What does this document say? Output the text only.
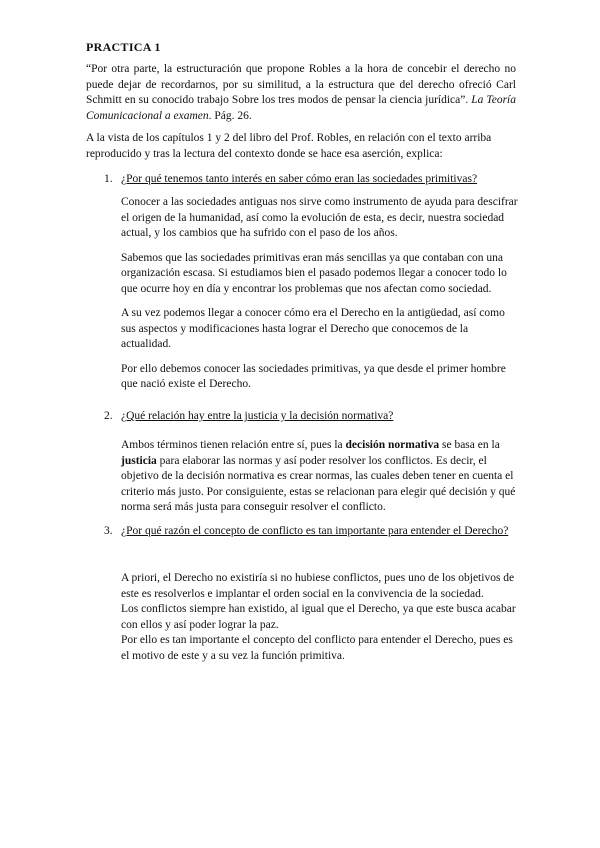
PRACTICA 1
“Por otra parte, la estructuración que propone Robles a la hora de concebir el derecho no puede dejar de recordarnos, por su similitud, a la estructura que del derecho ofreció Carl Schmitt en su conocido trabajo Sobre los tres modos de pensar la ciencia jurídica”. La Teoría Comunicacional a examen. Pág. 26.
A la vista de los capítulos 1 y 2 del libro del Prof. Robles, en relación con el texto arriba reproducido y tras la lectura del contexto donde se hace esa aserción, explica:
1. ¿Por qué tenemos tanto interés en saber cómo eran las sociedades primitivas?

Conocer a las sociedades antiguas nos sirve como instrumento de ayuda para descifrar el origen de la humanidad, así como la evolución de esta, es decir, nuestra sociedad actual, y los cambios que ha sufrido con el paso de los años.

Sabemos que las sociedades primitivas eran más sencillas ya que contaban con una organización escasa. Si estudiamos bien el pasado podemos llegar a conocer todo lo que ocurre hoy en día y encontrar los problemas que nos afectan como sociedad.

A su vez podemos llegar a conocer cómo era el Derecho en la antigüedad, así como sus aspectos y modificaciones hasta lograr el Derecho que conocemos de la actualidad.

Por ello debemos conocer las sociedades primitivas, ya que desde el primer hombre que nació existe el Derecho.

2. ¿Qué relación hay entre la justicia y la decisión normativa?

Ambos términos tienen relación entre sí, pues la decisión normativa se basa en la justicia para elaborar las normas y así poder resolver los conflictos. Es decir, el objetivo de la decisión normativa es crear normas, las cuales deben tener en cuenta el criterio más justo. Por consiguiente, estas se relacionan para elegir qué decisión y qué norma será más justa para conseguir resolver el conflicto.

3. ¿Por qué razón el concepto de conflicto es tan importante para entender el Derecho?

A priori, el Derecho no existiría si no hubiese conflictos, pues uno de los objetivos de este es resolverlos e implantar el orden social en la convivencia de la sociedad.

Los conflictos siempre han existido, al igual que el Derecho, ya que este busca acabar con ellos y así poder lograr la paz.

Por ello es tan importante el concepto del conflicto para entender el Derecho, pues es el motivo de este y a su vez la función primitiva.
